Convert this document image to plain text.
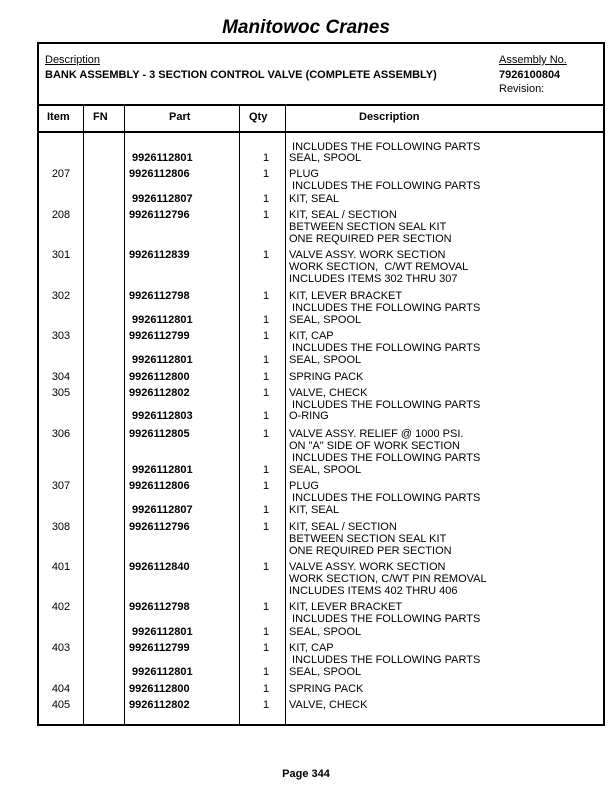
Manitowoc Cranes
Description
BANK ASSEMBLY - 3 SECTION CONTROL VALVE (COMPLETE ASSEMBLY)
Assembly No.
7926100804
Revision:
Item FN	Part	Qty	Description
INCLUDES THE FOLLOWING PARTS
9926112801	1	SEAL, SPOOL
207	9926112806	1	PLUG
INCLUDES THE FOLLOWING PARTS
9926112807	1	KIT, SEAL
208	9926112796	1	KIT, SEAL / SECTION
BETWEEN SECTION SEAL KIT
ONE REQUIRED PER SECTION
301	9926112839	1	VALVE ASSY. WORK SECTION
WORK SECTION,  C/WT REMOVAL
INCLUDES ITEMS 302 THRU 307
302	9926112798	1	KIT, LEVER BRACKET
INCLUDES THE FOLLOWING PARTS
9926112801	1	SEAL, SPOOL
303	9926112799	1	KIT, CAP
INCLUDES THE FOLLOWING PARTS
9926112801	1	SEAL, SPOOL
304	9926112800	1	SPRING PACK
305	9926112802	1	VALVE, CHECK
INCLUDES THE FOLLOWING PARTS
9926112803	1	O-RING
306	9926112805	1	VALVE ASSY. RELIEF @ 1000 PSI.
ON "A" SIDE OF WORK SECTION
INCLUDES THE FOLLOWING PARTS
9926112801	1	SEAL, SPOOL
307	9926112806	1	PLUG
INCLUDES THE FOLLOWING PARTS
9926112807	1	KIT, SEAL
308	9926112796	1	KIT, SEAL / SECTION
BETWEEN SECTION SEAL KIT
ONE REQUIRED PER SECTION
401	9926112840	1	VALVE ASSY. WORK SECTION
WORK SECTION, C/WT PIN REMOVAL
INCLUDES ITEMS 402 THRU 406
402	9926112798	1	KIT, LEVER BRACKET
INCLUDES THE FOLLOWING PARTS
9926112801	1	SEAL, SPOOL
403	9926112799	1	KIT, CAP
INCLUDES THE FOLLOWING PARTS
9926112801	1	SEAL, SPOOL
404	9926112800	1	SPRING PACK
405	9926112802	1	VALVE, CHECK
Page 344
